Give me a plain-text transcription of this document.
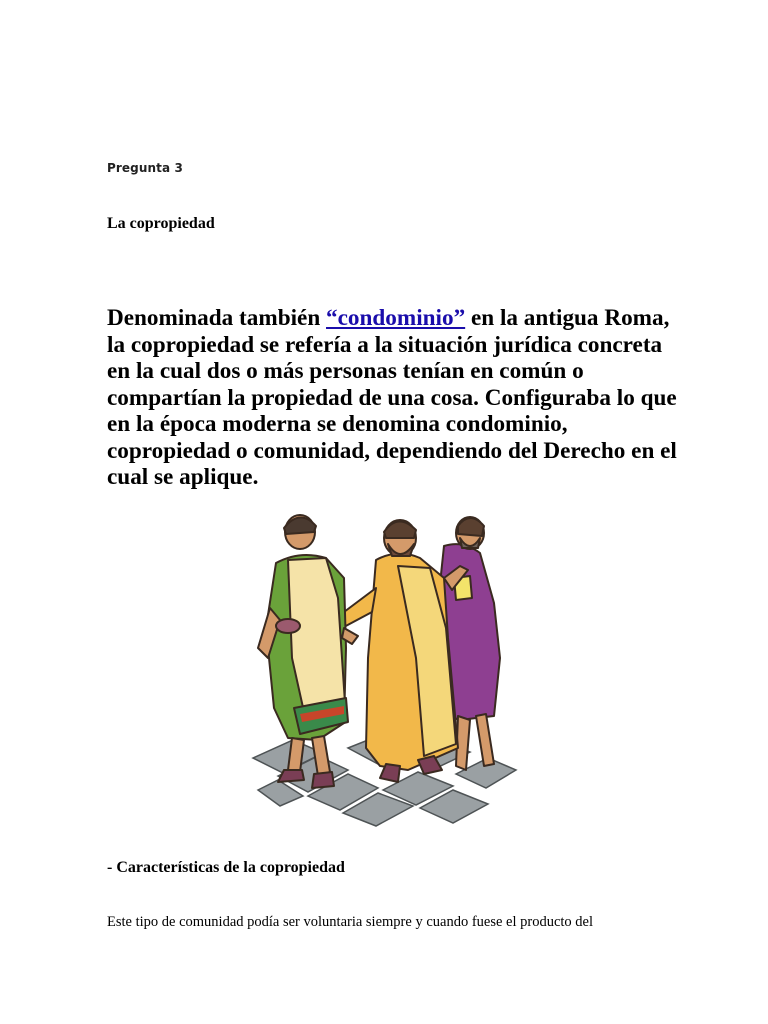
Pregunta 3
La copropiedad
Denominada también “condominio” en la antigua Roma, la copropiedad se refería a la situación jurídica concreta en la cual dos o más personas tenían en común o compartían la propiedad de una cosa. Configuraba lo que en la época moderna se denomina condominio, copropiedad o comunidad, dependiendo del Derecho en el cual se aplique.
- Características de la copropiedad
Este tipo de comunidad podía ser voluntaria siempre y cuando fuese el producto del
